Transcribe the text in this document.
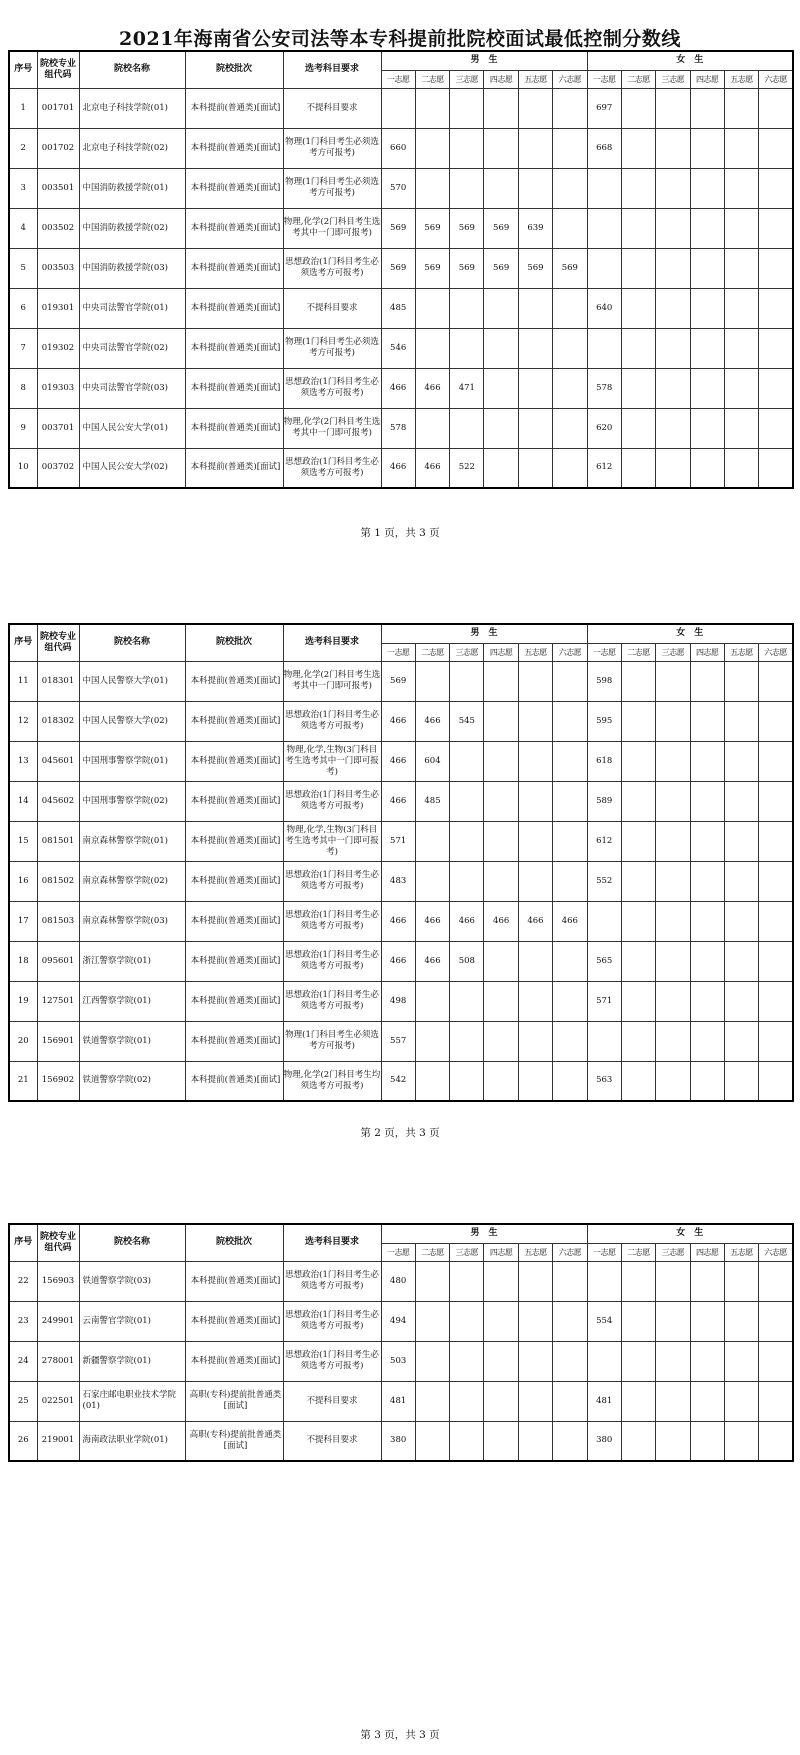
2021年海南省公安司法等本专科提前批院校面试最低控制分数线
序号	院校专业组代码	院校名称	院校批次	选考科目要求	男　生						女　生					
					一志愿	二志愿	三志愿	四志愿	五志愿	六志愿	一志愿	二志愿	三志愿	四志愿	五志愿	六志愿
1	001701	北京电子科技学院(01)	本科提前(普通类)[面试]	不提科目要求							697					
2	001702	北京电子科技学院(02)	本科提前(普通类)[面试]	物理(1门科目考生必须选考方可报考)	660						668					
3	003501	中国消防救援学院(01)	本科提前(普通类)[面试]	物理(1门科目考生必须选考方可报考)	570											
4	003502	中国消防救援学院(02)	本科提前(普通类)[面试]	物理,化学(2门科目考生选考其中一门即可报考)	569	569	569	569	639							
5	003503	中国消防救援学院(03)	本科提前(普通类)[面试]	思想政治(1门科目考生必须选考方可报考)	569	569	569	569	569	569						
6	019301	中央司法警官学院(01)	本科提前(普通类)[面试]	不提科目要求	485						640					
7	019302	中央司法警官学院(02)	本科提前(普通类)[面试]	物理(1门科目考生必须选考方可报考)	546											
8	019303	中央司法警官学院(03)	本科提前(普通类)[面试]	思想政治(1门科目考生必须选考方可报考)	466	466	471				578					
9	003701	中国人民公安大学(01)	本科提前(普通类)[面试]	物理,化学(2门科目考生选考其中一门即可报考)	578						620					
10	003702	中国人民公安大学(02)	本科提前(普通类)[面试]	思想政治(1门科目考生必须选考方可报考)	466	466	522				612					
第 1 页，共 3 页
序号	院校专业组代码	院校名称	院校批次	选考科目要求	男　生						女　生					
					一志愿	二志愿	三志愿	四志愿	五志愿	六志愿	一志愿	二志愿	三志愿	四志愿	五志愿	六志愿
11	018301	中国人民警察大学(01)	本科提前(普通类)[面试]	物理,化学(2门科目考生选考其中一门即可报考)	569						598					
12	018302	中国人民警察大学(02)	本科提前(普通类)[面试]	思想政治(1门科目考生必须选考方可报考)	466	466	545				595					
13	045601	中国刑事警察学院(01)	本科提前(普通类)[面试]	物理,化学,生物(3门科目考生选考其中一门即可报考)	466	604					618					
14	045602	中国刑事警察学院(02)	本科提前(普通类)[面试]	思想政治(1门科目考生必须选考方可报考)	466	485					589					
15	081501	南京森林警察学院(01)	本科提前(普通类)[面试]	物理,化学,生物(3门科目考生选考其中一门即可报考)	571						612					
16	081502	南京森林警察学院(02)	本科提前(普通类)[面试]	思想政治(1门科目考生必须选考方可报考)	483						552					
17	081503	南京森林警察学院(03)	本科提前(普通类)[面试]	思想政治(1门科目考生必须选考方可报考)	466	466	466	466	466	466						
18	095601	浙江警察学院(01)	本科提前(普通类)[面试]	思想政治(1门科目考生必须选考方可报考)	466	466	508				565					
19	127501	江西警察学院(01)	本科提前(普通类)[面试]	思想政治(1门科目考生必须选考方可报考)	498						571					
20	156901	铁道警察学院(01)	本科提前(普通类)[面试]	物理(1门科目考生必须选考方可报考)	557											
21	156902	铁道警察学院(02)	本科提前(普通类)[面试]	物理,化学(2门科目考生均须选考方可报考)	542						563					
第 2 页，共 3 页
序号	院校专业组代码	院校名称	院校批次	选考科目要求	男　生						女　生					
					一志愿	二志愿	三志愿	四志愿	五志愿	六志愿	一志愿	二志愿	三志愿	四志愿	五志愿	六志愿
22	156903	铁道警察学院(03)	本科提前(普通类)[面试]	思想政治(1门科目考生必须选考方可报考)	480											
23	249901	云南警官学院(01)	本科提前(普通类)[面试]	思想政治(1门科目考生必须选考方可报考)	494						554					
24	278001	新疆警察学院(01)	本科提前(普通类)[面试]	思想政治(1门科目考生必须选考方可报考)	503											
25	022501	石家庄邮电职业技术学院(01)	高职(专科)提前批普通类[面试]	不提科目要求	481						481					
26	219001	海南政法职业学院(01)	高职(专科)提前批普通类[面试]	不提科目要求	380						380					
第 3 页，共 3 页
